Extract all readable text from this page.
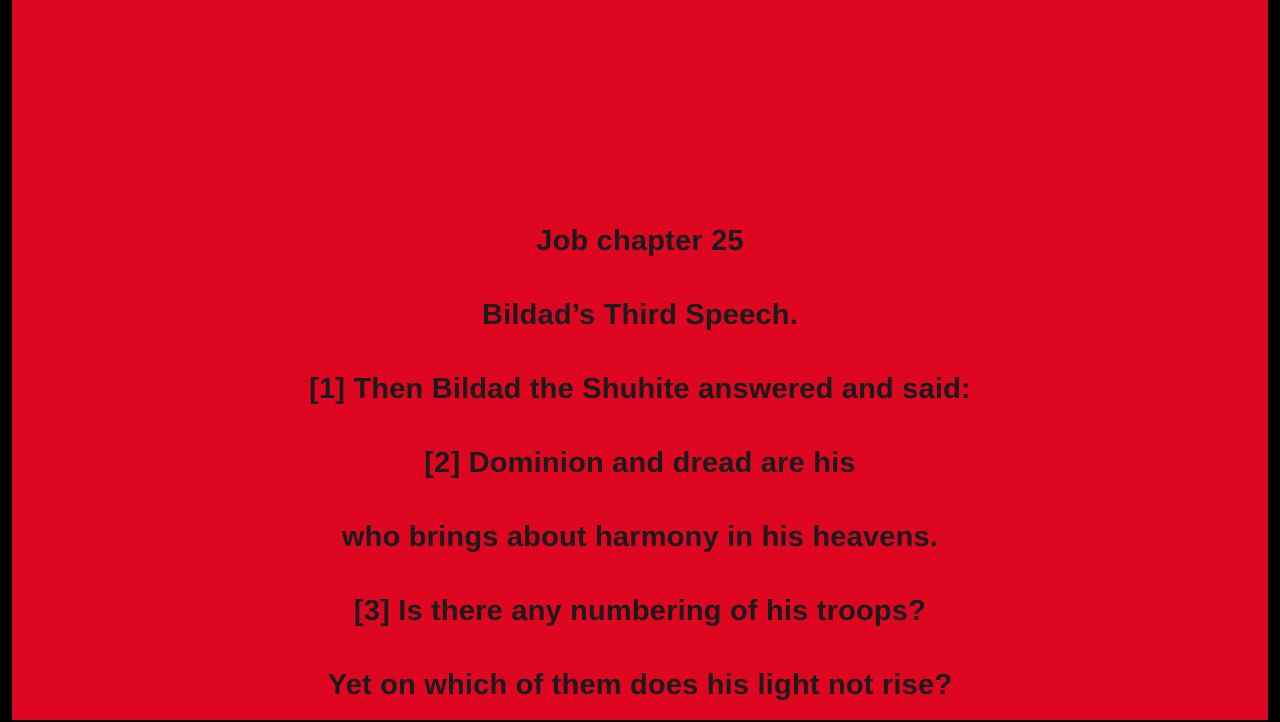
Job chapter 25
Bildad’s Third Speech.
[1] Then Bildad the Shuhite answered and said:
[2] Dominion and dread are his
who brings about harmony in his heavens.
[3] Is there any numbering of his troops?
Yet on which of them does his light not rise?
